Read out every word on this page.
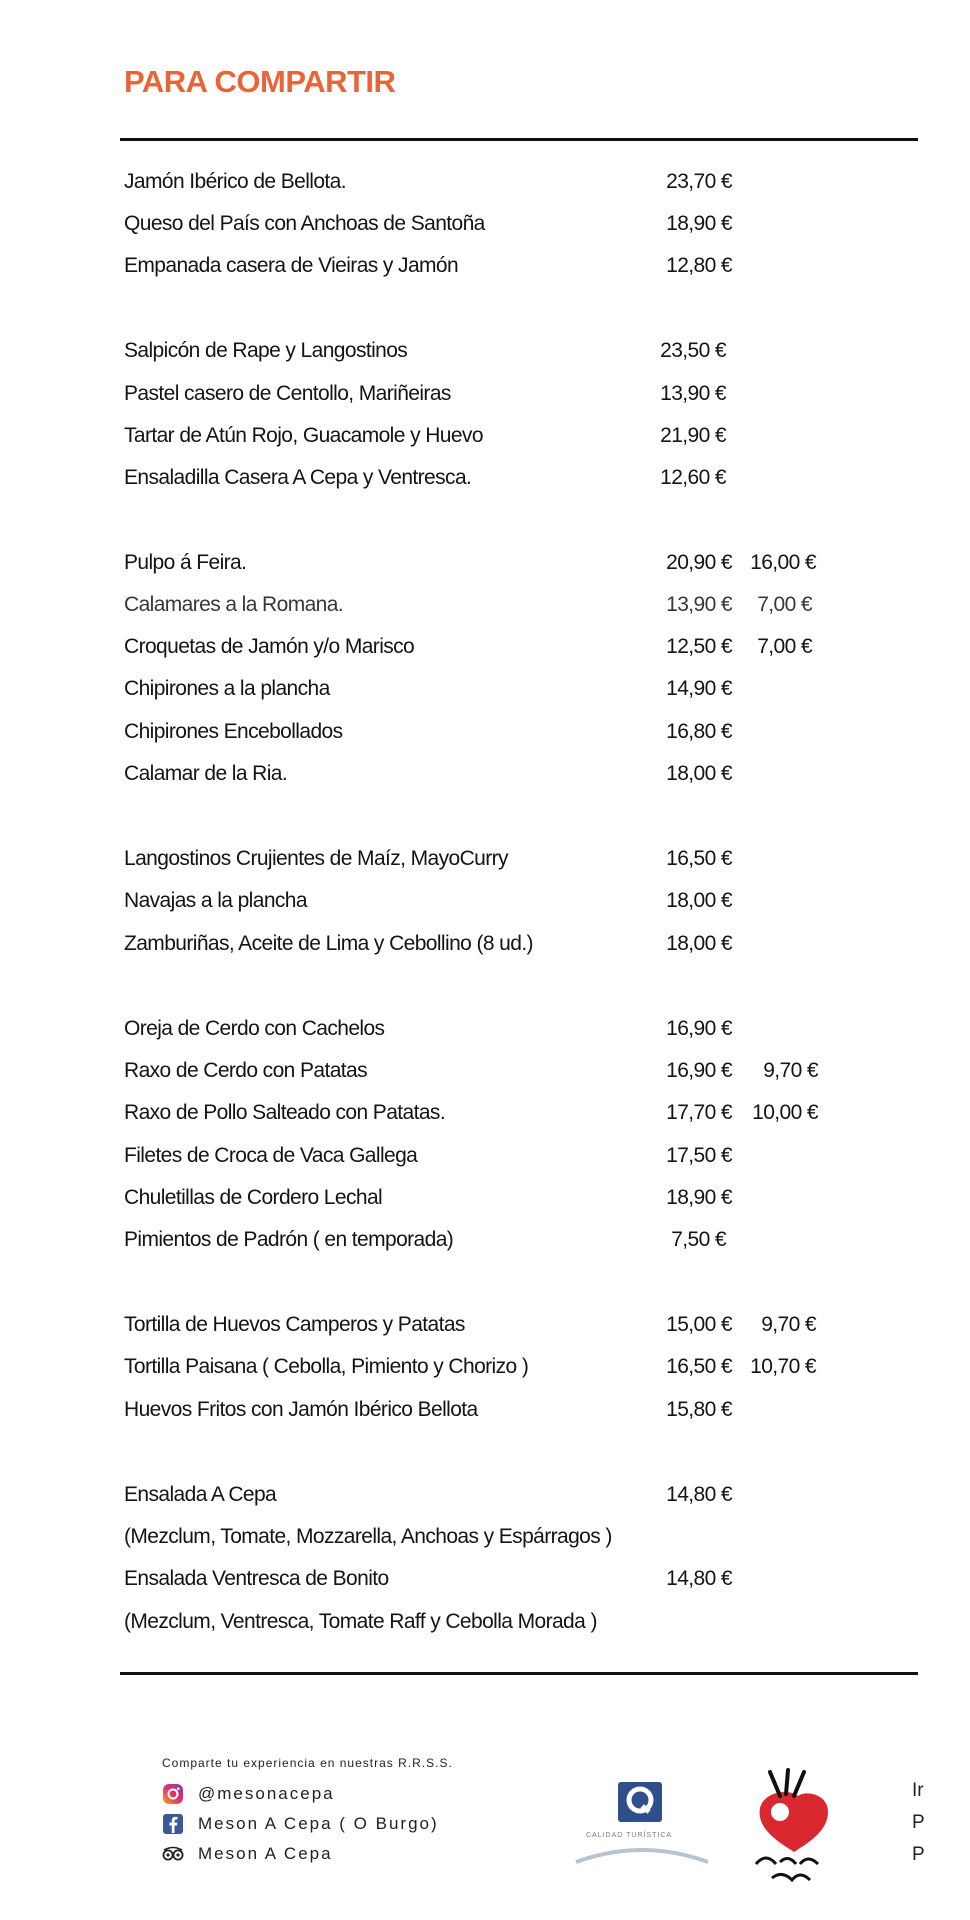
PARA COMPARTIR
Jamón Ibérico de Bellota.	23,70 €
Queso del País con Anchoas de Santoña	18,90 €
Empanada casera de Vieiras y Jamón	12,80 €
Salpicón de Rape y Langostinos	23,50 €
Pastel casero de Centollo, Mariñeiras	13,90 €
Tartar de Atún Rojo, Guacamole y Huevo	21,90 €
Ensaladilla Casera A Cepa y Ventresca.	12,60 €
Pulpo á Feira.	20,90 € 16,00 €
Calamares a la Romana.	13,90 €	7,00 €
Croquetas de Jamón y/o Marisco	12,50 €	7,00 €
Chipirones a la plancha	14,90 €
Chipirones Encebollados	16,80 €
Calamar de la Ria.	18,00 €
Langostinos Crujientes de Maíz, MayoCurry	16,50 €
Navajas a la plancha	18,00 €
Zamburiñas, Aceite de Lima y Cebollino (8 ud.)	18,00 €
Oreja de Cerdo con Cachelos	16,90 €
Raxo de Cerdo con Patatas	16,90 €	9,70 €
Raxo de Pollo Salteado con Patatas.	17,70 € 10,00 €
Filetes de Croca de Vaca Gallega	17,50 €
Chuletillas de Cordero Lechal	18,90 €
Pimientos de Padrón ( en temporada)	7,50 €
Tortilla de Huevos Camperos y Patatas	15,00 €	9,70 €
Tortilla Paisana ( Cebolla, Pimiento y Chorizo )	16,50 € 10,70 €
Huevos Fritos con Jamón Ibérico Bellota	15,80 €
Ensalada A Cepa	14,80 €
(Mezclum, Tomate, Mozzarella, Anchoas y Espárragos )
Ensalada Ventresca de Bonito	14,80 €
(Mezclum, Ventresca, Tomate Raff y Cebolla Morada )
Comparte tu experiencia en nuestras R.R.S.S.
@mesonacepa
Meson A Cepa ( O Burgo)
Meson A Cepa
CALIDAD TURÍSTICA
Ir
P
P
